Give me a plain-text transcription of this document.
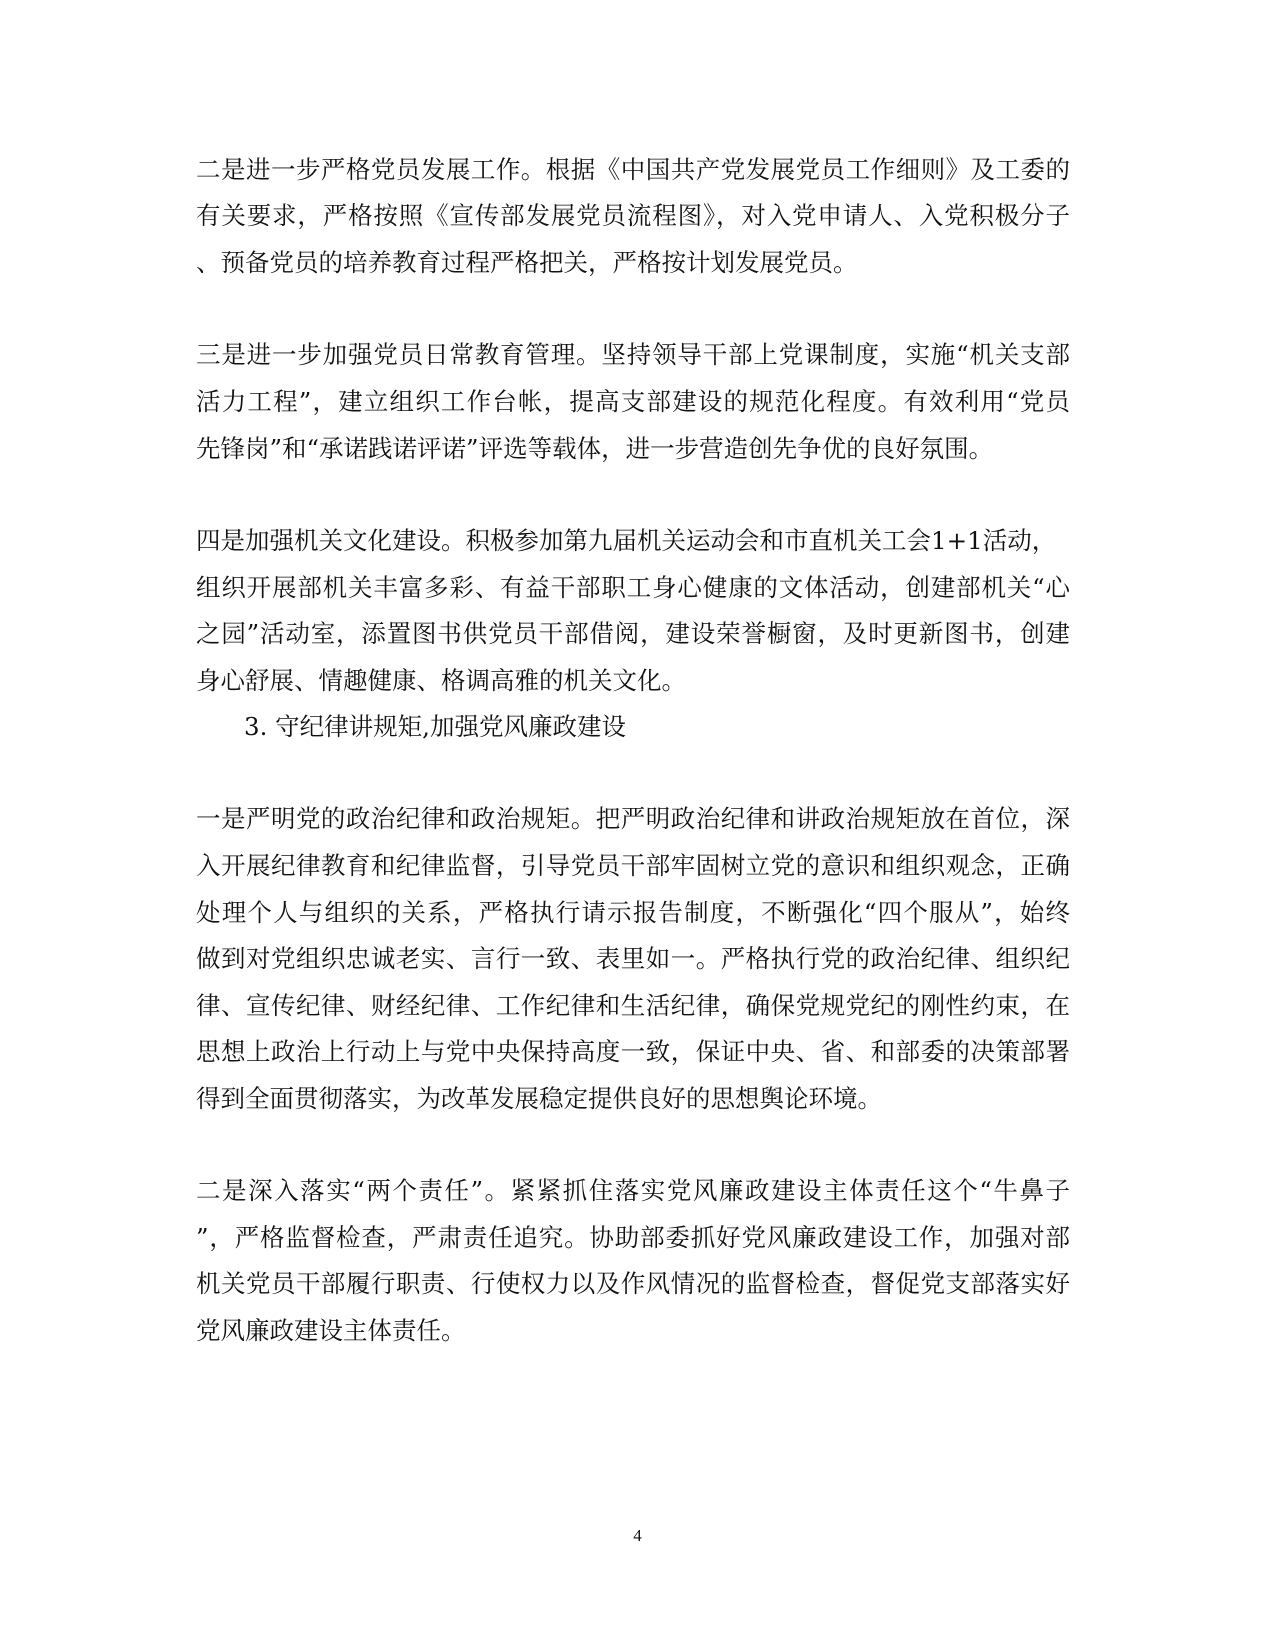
二是进一步严格党员发展工作。根据《中国共产党发展党员工作细则》及工委的
有关要求，严格按照《宣传部发展党员流程图》，对入党申请人、入党积极分子
、预备党员的培养教育过程严格把关，严格按计划发展党员。
三是进一步加强党员日常教育管理。坚持领导干部上党课制度，实施“机关支部
活力工程”，建立组织工作台帐，提高支部建设的规范化程度。有效利用“党员
先锋岗”和“承诺践诺评诺”评选等载体，进一步营造创先争优的良好氛围。
四是加强机关文化建设。积极参加第九届机关运动会和市直机关工会1+1活动，
组织开展部机关丰富多彩、有益干部职工身心健康的文体活动，创建部机关“心
之园”活动室，添置图书供党员干部借阅，建设荣誉橱窗，及时更新图书，创建
身心舒展、情趣健康、格调高雅的机关文化。
3. 守纪律讲规矩,加强党风廉政建设
一是严明党的政治纪律和政治规矩。把严明政治纪律和讲政治规矩放在首位，深
入开展纪律教育和纪律监督，引导党员干部牢固树立党的意识和组织观念，正确
处理个人与组织的关系，严格执行请示报告制度，不断强化“四个服从”，始终
做到对党组织忠诚老实、言行一致、表里如一。严格执行党的政治纪律、组织纪
律、宣传纪律、财经纪律、工作纪律和生活纪律，确保党规党纪的刚性约束，在
思想上政治上行动上与党中央保持高度一致，保证中央、省、和部委的决策部署
得到全面贯彻落实，为改革发展稳定提供良好的思想舆论环境。
二是深入落实“两个责任”。紧紧抓住落实党风廉政建设主体责任这个“牛鼻子
”，严格监督检查，严肃责任追究。协助部委抓好党风廉政建设工作，加强对部
机关党员干部履行职责、行使权力以及作风情况的监督检查，督促党支部落实好
党风廉政建设主体责任。
4
